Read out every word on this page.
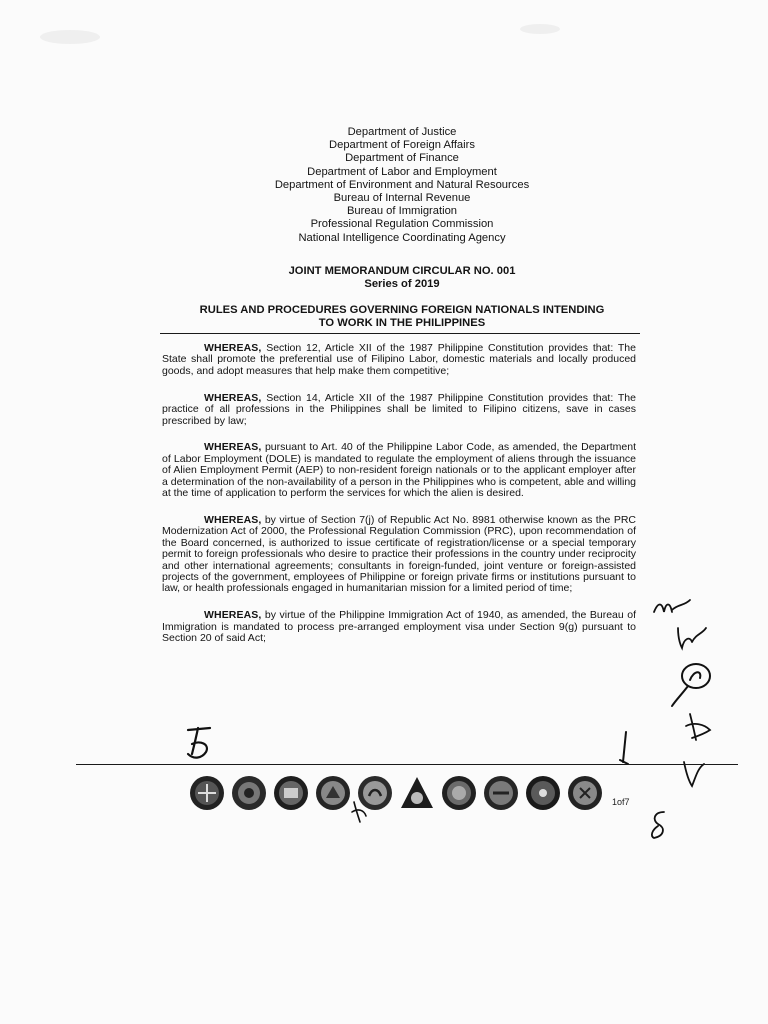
Department of Justice
Department of Foreign Affairs
Department of Finance
Department of Labor and Employment
Department of Environment and Natural Resources
Bureau of Internal Revenue
Bureau of Immigration
Professional Regulation Commission
National Intelligence Coordinating Agency
JOINT MEMORANDUM CIRCULAR NO. 001
Series of 2019
RULES AND PROCEDURES GOVERNING FOREIGN NATIONALS INTENDING
TO WORK IN THE PHILIPPINES

WHEREAS, Section 12, Article XII of the 1987 Philippine Constitution provides that: The State shall promote the preferential use of Filipino Labor, domestic materials and locally produced goods, and adopt measures that help make them competitive;

WHEREAS, Section 14, Article XII of the 1987 Philippine Constitution provides that: The practice of all professions in the Philippines shall be limited to Filipino citizens, save in cases prescribed by law;

WHEREAS, pursuant to Art. 40 of the Philippine Labor Code, as amended, the Department of Labor Employment (DOLE) is mandated to regulate the employment of aliens through the issuance of Alien Employment Permit (AEP) to non-resident foreign nationals or to the applicant employer after a determination of the non-availability of a person in the Philippines who is competent, able and willing at the time of application to perform the services for which the alien is desired.

WHEREAS, by virtue of Section 7(j) of Republic Act No. 8981 otherwise known as the PRC Modernization Act of 2000, the Professional Regulation Commission (PRC), upon recommendation of the Board concerned, is authorized to issue certificate of registration/license or a special temporary permit to foreign professionals who desire to practice their professions in the country under reciprocity and other international agreements; consultants in foreign-funded, joint venture or foreign-assisted projects of the government, employees of Philippine or foreign private firms or institutions pursuant to law, or health professionals engaged in humanitarian mission for a limited period of time;

WHEREAS, by virtue of the Philippine Immigration Act of 1940, as amended, the Bureau of Immigration is mandated to process pre-arranged employment visa under Section 9(g) pursuant to Section 20 of said Act;

1of7
